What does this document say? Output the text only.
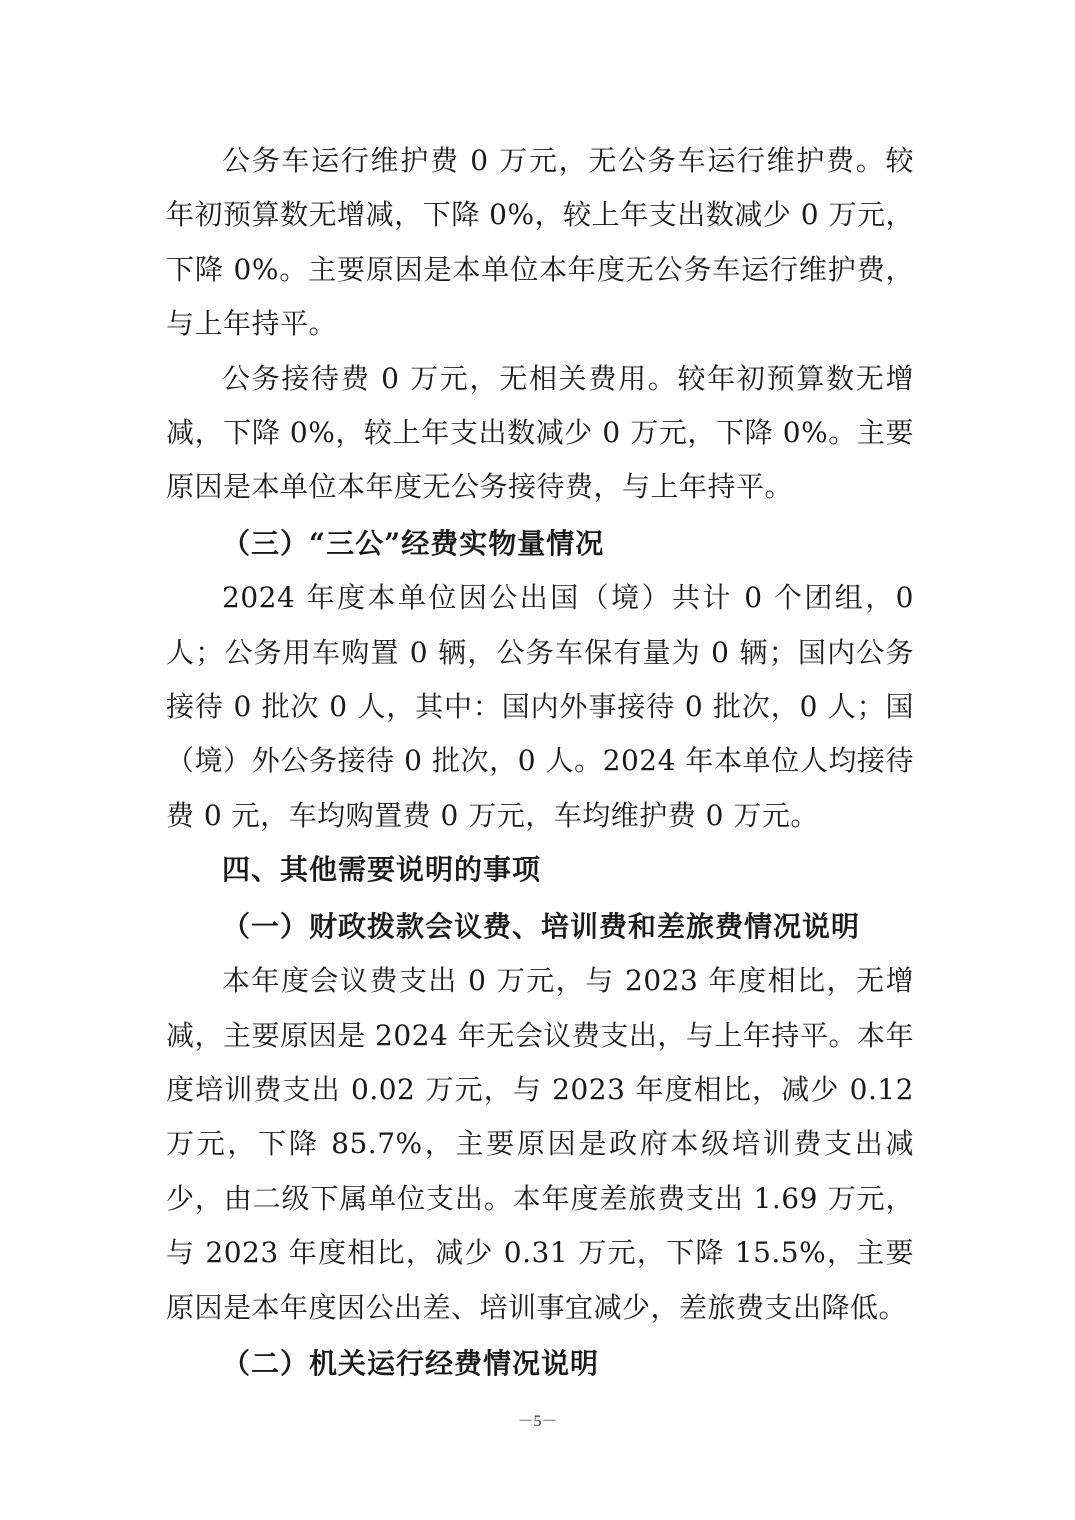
公务车运行维护费 0 万元，无公务车运行维护费。较年初预算数无增减，下降 0%，较上年支出数减少 0 万元，下降 0%。主要原因是本单位本年度无公务车运行维护费，与上年持平。

公务接待费 0 万元，无相关费用。较年初预算数无增减，下降 0%，较上年支出数减少 0 万元，下降 0%。主要原因是本单位本年度无公务接待费，与上年持平。

（三）“三公”经费实物量情况

2024 年度本单位因公出国（境）共计 0 个团组，0 人；公务用车购置 0 辆，公务车保有量为 0 辆；国内公务接待 0 批次 0 人，其中：国内外事接待 0 批次，0 人；国（境）外公务接待 0 批次，0 人。2024 年本单位人均接待费 0 元，车均购置费 0 万元，车均维护费 0 万元。

四、其他需要说明的事项

（一）财政拨款会议费、培训费和差旅费情况说明

本年度会议费支出 0 万元，与 2023 年度相比，无增减，主要原因是 2024 年无会议费支出，与上年持平。本年度培训费支出 0.02 万元，与 2023 年度相比，减少 0.12 万元，下降 85.7%，主要原因是政府本级培训费支出减少，由二级下属单位支出。本年度差旅费支出 1.69 万元，与 2023 年度相比，减少 0.31 万元，下降 15.5%，主要原因是本年度因公出差、培训事宜减少，差旅费支出降低。

（二）机关运行经费情况说明

－5－
